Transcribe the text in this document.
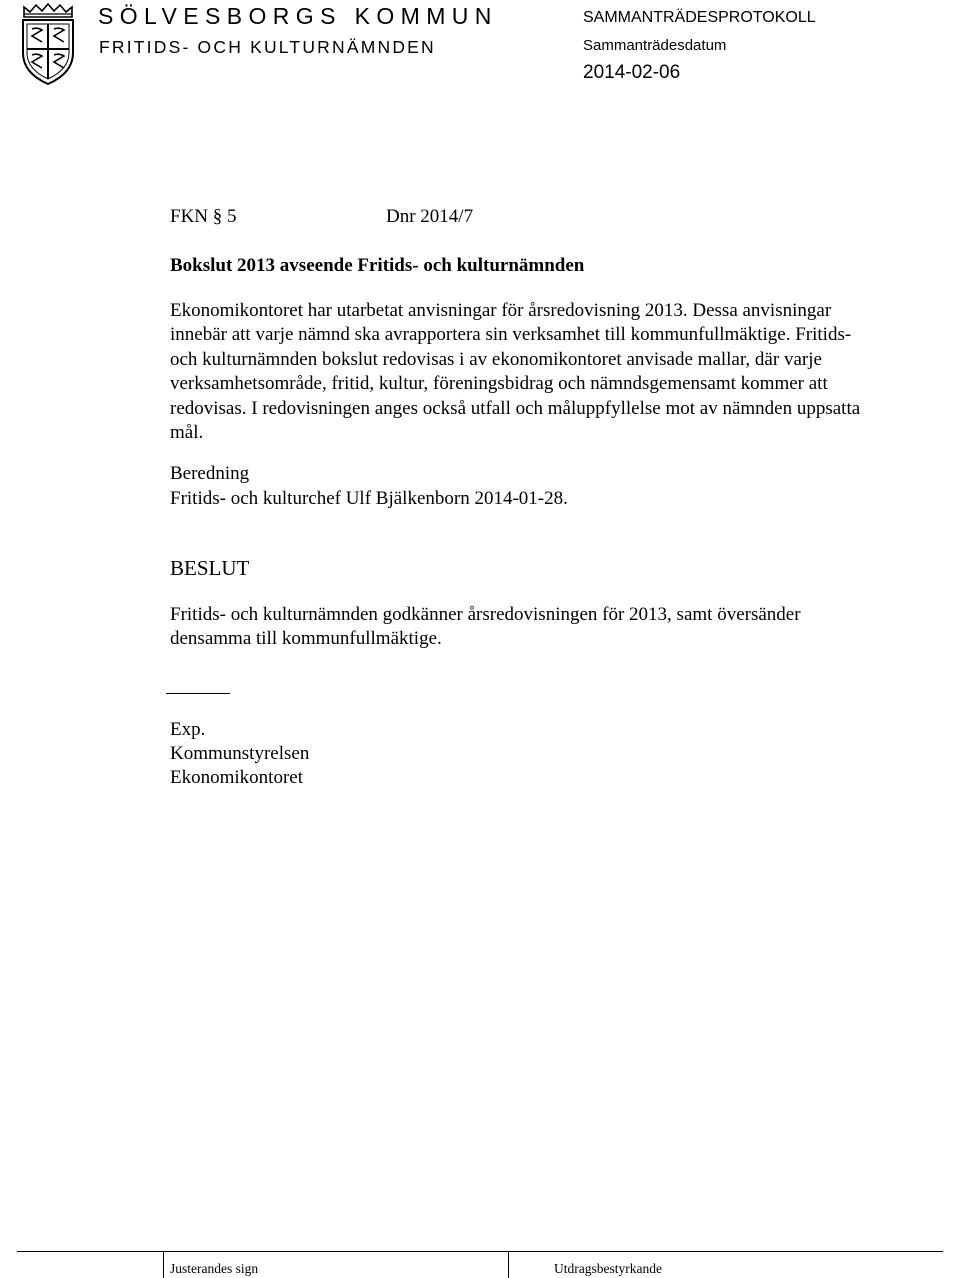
SÖLVESBORGS KOMMUN
FRITIDS- OCH KULTURNÄMNDEN
SAMMANTRÄDESPROTOKOLL
Sammanträdesdatum
2014-02-06
FKN § 5	Dnr 2014/7
Bokslut 2013 avseende Fritids- och kulturnämnden
Ekonomikontoret har utarbetat anvisningar för årsredovisning 2013. Dessa anvisningar
innebär att varje nämnd ska avrapportera sin verksamhet till kommunfullmäktige. Fritids-
och kulturnämnden bokslut redovisas i av ekonomikontoret anvisade mallar, där varje
verksamhetsområde, fritid, kultur, föreningsbidrag och nämndsgemensamt kommer att
redovisas. I redovisningen anges också utfall och måluppfyllelse mot av nämnden uppsatta
mål.
Beredning
Fritids- och kulturchef Ulf Bjälkenborn 2014-01-28.
BESLUT
Fritids- och kulturnämnden godkänner årsredovisningen för 2013, samt översänder
densamma till kommunfullmäktige.
Exp.
Kommunstyrelsen
Ekonomikontoret
Justerandes sign	Utdragsbestyrkande
